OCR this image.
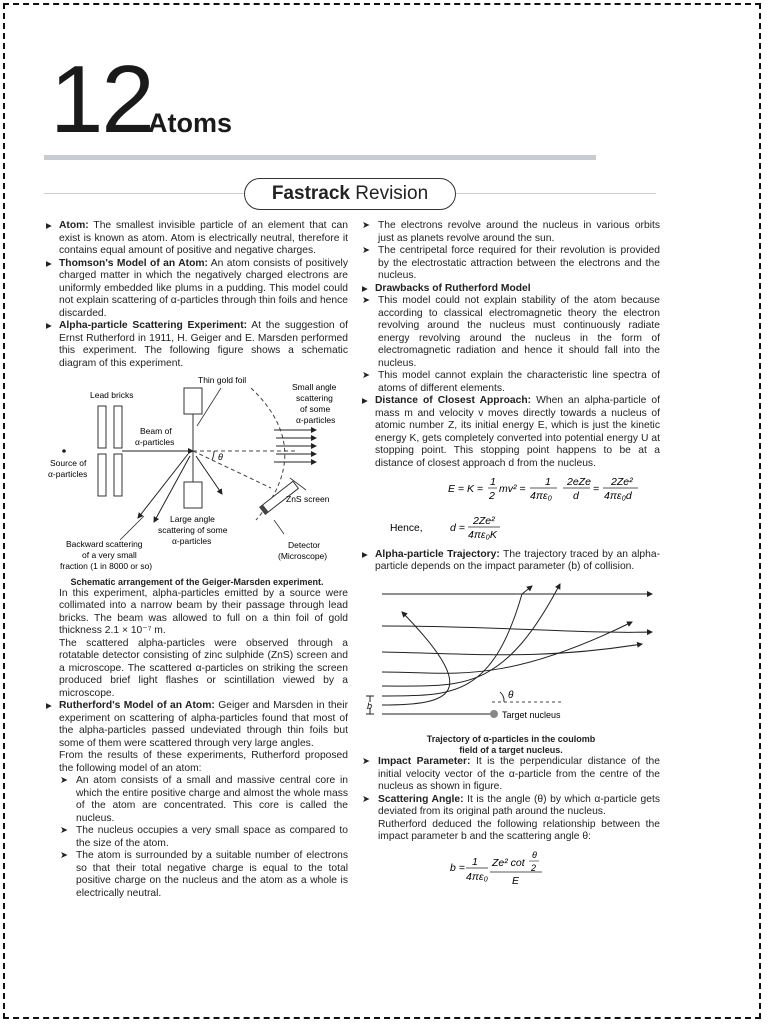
12
Atoms
Fastrack Revision

▶ Atom: The smallest invisible particle of an element that can exist is known as atom. Atom is electrically neutral, therefore it contains equal amount of positive and negative charges.

▶ Thomson's Model of an Atom: An atom consists of positively charged matter in which the negatively charged electrons are uniformly embedded like plums in a pudding. This model could not explain scattering of α-particles through thin foils and hence discarded.

▶ Alpha-particle Scattering Experiment: At the suggestion of Ernst Rutherford in 1911, H. Geiger and E. Marsden performed this experiment. The following figure shows a schematic diagram of this experiment.

θ
Lead bricks
Thin gold foil
Small angle
scattering
of some
α-particles
Beam of
α-particles
Source of
α-particles
ZnS screen
Large angle
scattering of some
α-particles
Backward scattering
of a very small
fraction (1 in 8000 or so)
Detector
(Microscope)

Schematic arrangement of the Geiger-Marsden experiment.

In this experiment, alpha-particles emitted by a source were collimated into a narrow beam by their passage through lead bricks. The beam was allowed to full on a thin foil of gold thickness 2.1 × 10⁻⁷ m.

The scattered alpha-particles were observed through a rotatable detector consisting of zinc sulphide (ZnS) screen and a microscope. The scattered α-particles on striking the screen produced brief light flashes or scintillation viewed by a microscope.

▶ Rutherford's Model of an Atom: Geiger and Marsden in their experiment on scattering of alpha-particles found that most of the alpha-particles passed undeviated through thin foils but some of them were scattered through very large angles.

From the results of these experiments, Rutherford proposed the following model of an atom:

➤ An atom consists of a small and massive central core in which the entire positive charge and almost the whole mass of the atom are concentrated. This core is called the nucleus.

➤ The nucleus occupies a very small space as compared to the size of the atom.

➤ The atom is surrounded by a suitable number of electrons so that their total negative charge is equal to the total positive charge on the nucleus and the atom as a whole is electrically neutral.

➤ The electrons revolve around the nucleus in various orbits just as planets revolve around the sun.

➤ The centripetal force required for their revolution is provided by the electrostatic attraction between the electrons and the nucleus.

▶ Drawbacks of Rutherford Model

➤ This model could not explain stability of the atom because according to classical electromagnetic theory the electron revolving around the nucleus must continuously radiate energy revolving around the nucleus in the form of electromagnetic radiation and hence it should fall into the nucleus.

➤ This model cannot explain the characteristic line spectra of atoms of different elements.

▶ Distance of Closest Approach: When an alpha-particle of mass m and velocity v moves directly towards a nucleus of atomic number Z, its initial energy E, which is just the kinetic energy K, gets completely converted into potential energy U at stopping point. This stopping point happens to be at a distance of closest approach d from the nucleus.

E = K =
1
2
mv² =
1
4πε₀
2eZe
d
=
2Ze²
4πε₀d
d =
2Ze²
4πε₀K
Hence,

▶ Alpha-particle Trajectory: The trajectory traced by an alpha-particle depends on the impact parameter (b) of collision.

θ
Target nucleus
b

Trajectory of α-particles in the coulomb

field of a target nucleus.

➤ Impact Parameter: It is the perpendicular distance of the initial velocity vector of the α-particle from the centre of the nucleus as shown in figure.

➤ Scattering Angle: It is the angle (θ) by which α-particle gets deviated from its original path around the nucleus.

Rutherford deduced the following relationship between the impact parameter b and the scattering angle θ:

b = 1
4πε₀
Ze² cot
θ
2
E
